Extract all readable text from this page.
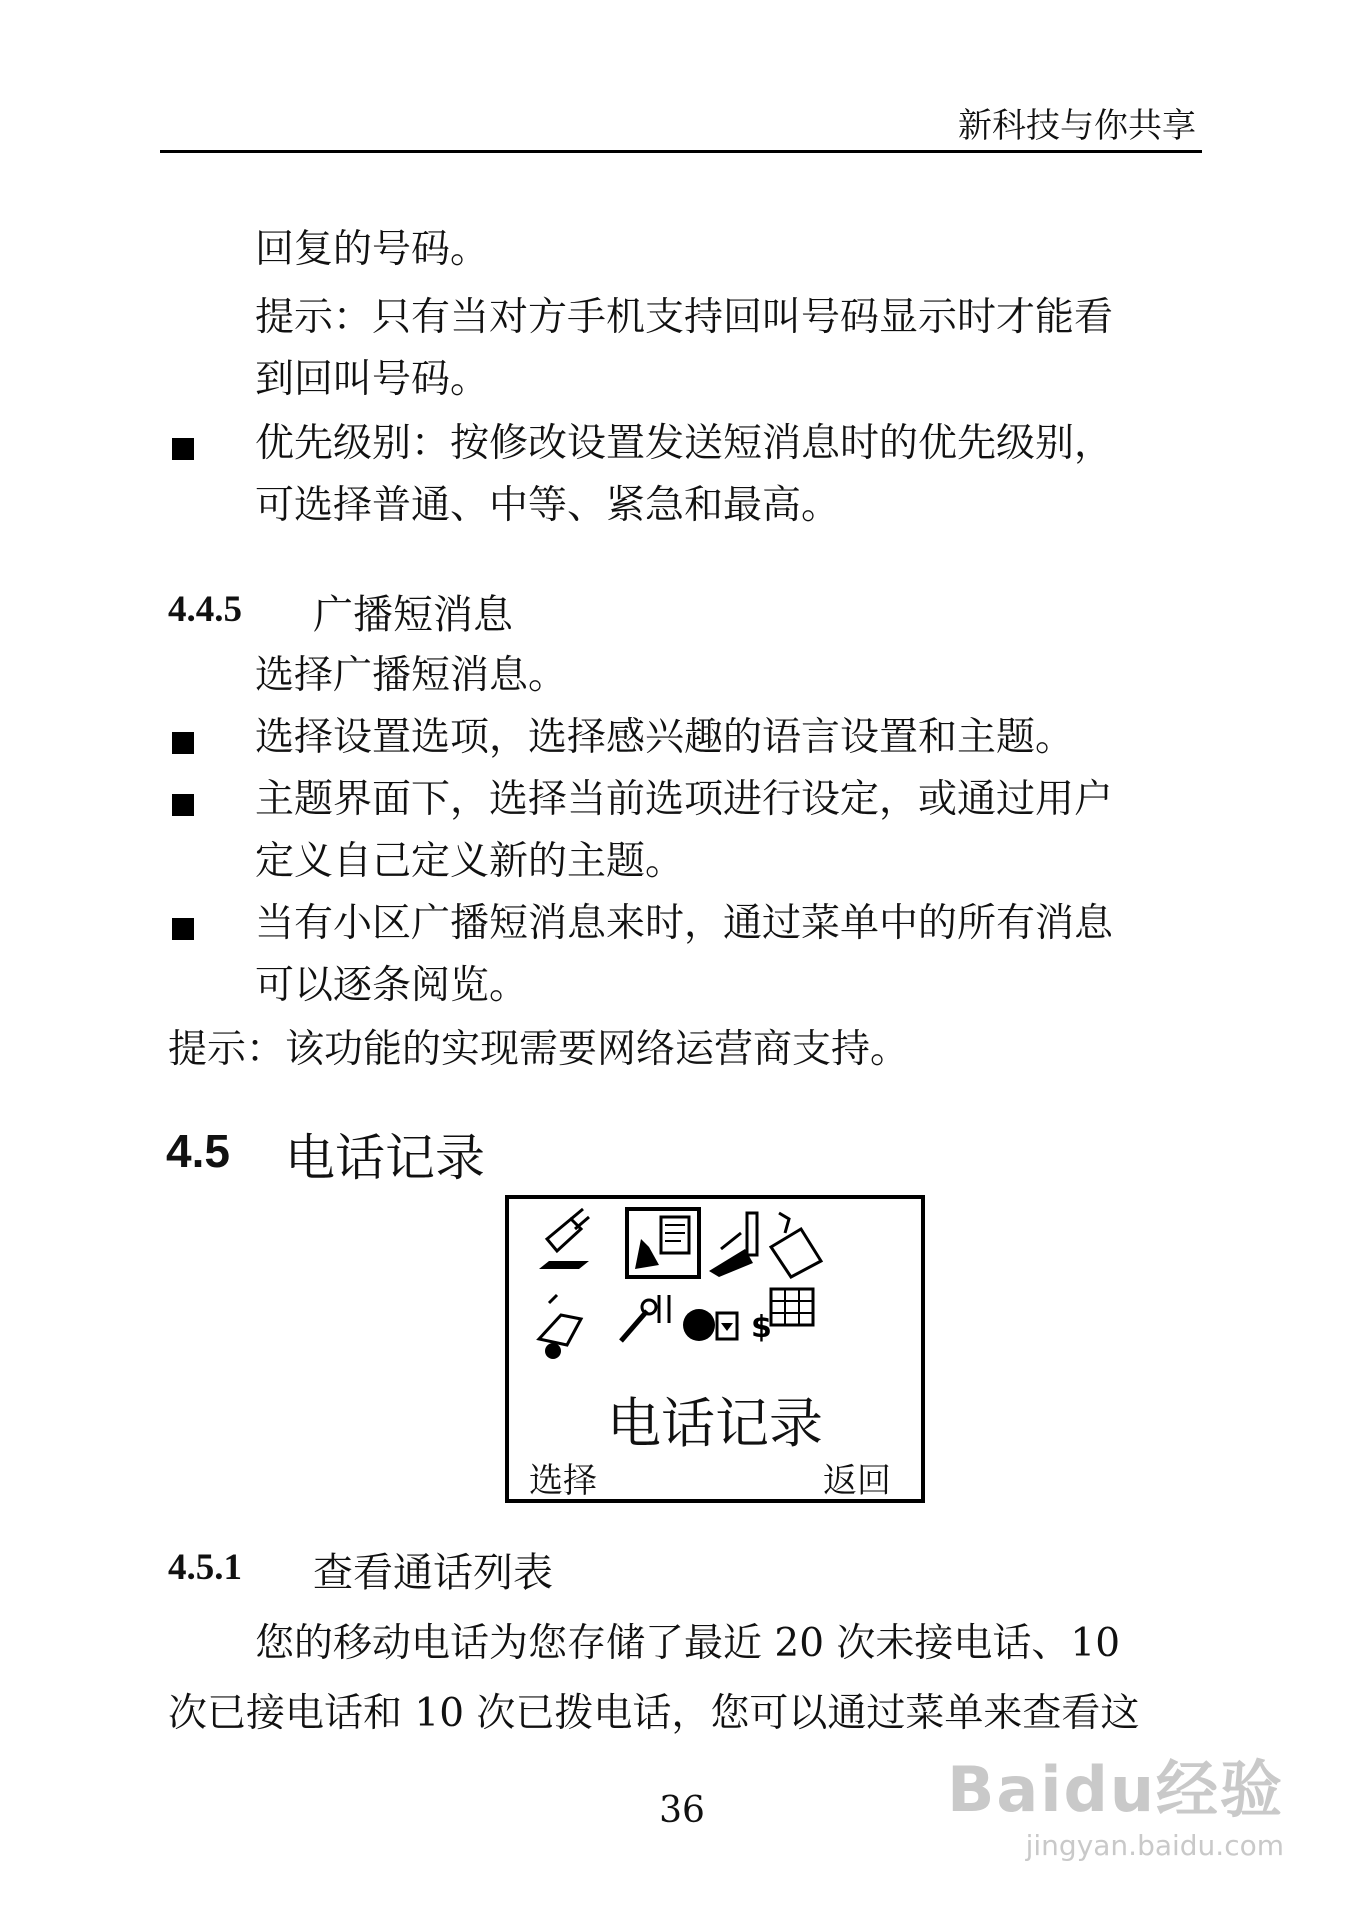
新科技与你共享
回复的号码。
提示：只有当对方手机支持回叫号码显示时才能看
到回叫号码。
优先级别：按修改设置发送短消息时的优先级别，
可选择普通、中等、紧急和最高。
4.4.5 广播短消息
选择广播短消息。
选择设置选项，选择感兴趣的语言设置和主题。
主题界面下，选择当前选项进行设定，或通过用户
定义自己定义新的主题。
当有小区广播短消息来时，通过菜单中的所有消息
可以逐条阅览。
提示：该功能的实现需要网络运营商支持。
4.5 电话记录
$
电话记录
选择	返回
4.5.1 查看通话列表
您的移动电话为您存储了最近 20 次未接电话、10
次已接电话和 10 次已拨电话，您可以通过菜单来查看这
36	Baidu经验
jingyan.baidu.com
